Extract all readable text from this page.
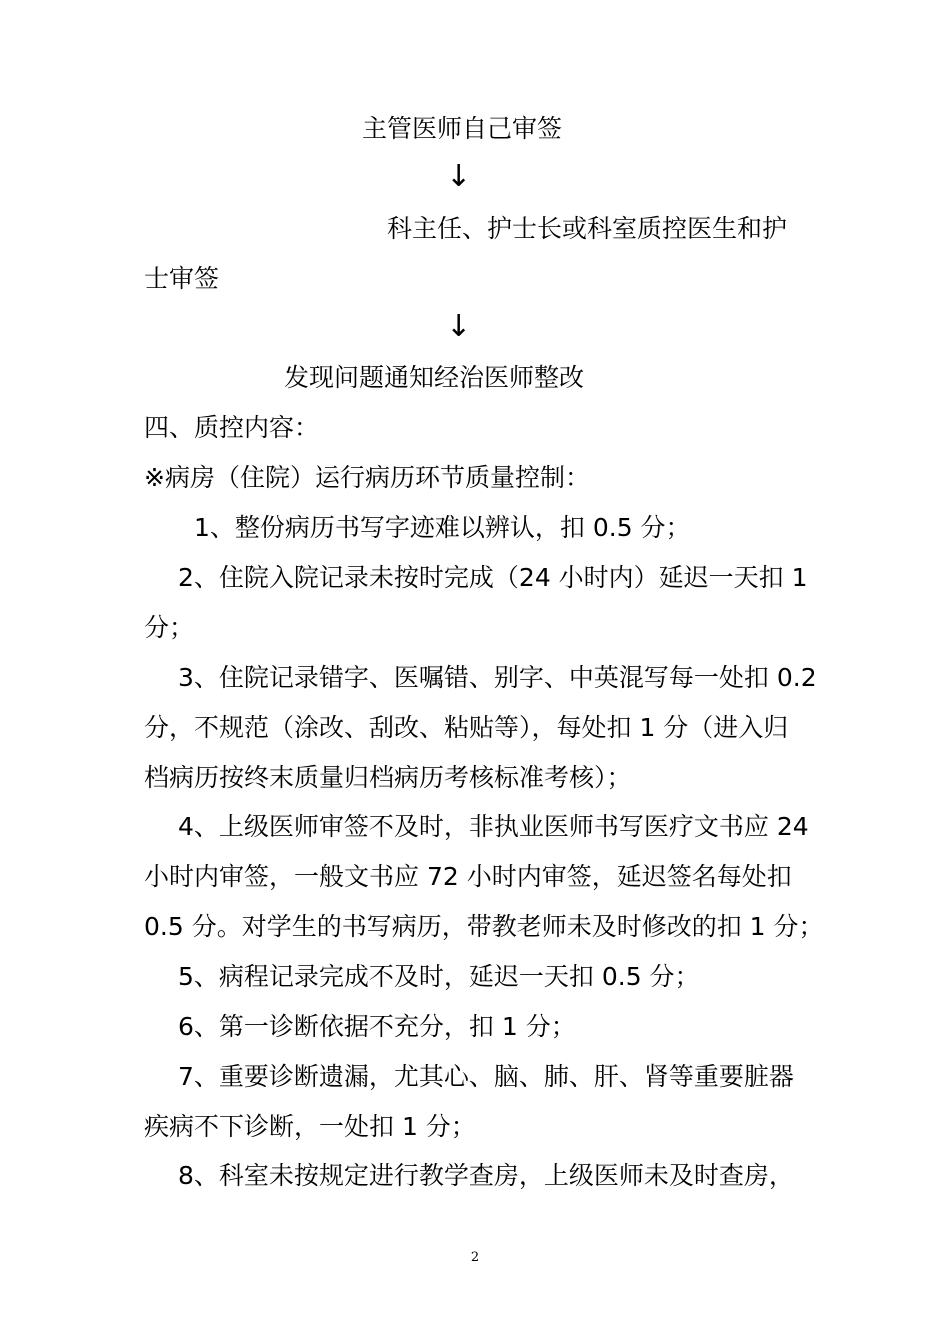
主管医师自己审签
↓
科主任、护士长或科室质控医生和护
士审签
↓
发现问题通知经治医师整改
四、质控内容：
※病房（住院）运行病历环节质量控制：
1、整份病历书写字迹难以辨认，扣 0.5 分；
2、住院入院记录未按时完成（24 小时内）延迟一天扣 1
分；
3、住院记录错字、医嘱错、别字、中英混写每一处扣 0.2
分，不规范（涂改、刮改、粘贴等），每处扣 1 分（进入归
档病历按终末质量归档病历考核标准考核）；
4、上级医师审签不及时，非执业医师书写医疗文书应 24
小时内审签，一般文书应 72 小时内审签，延迟签名每处扣
0.5 分。对学生的书写病历，带教老师未及时修改的扣 1 分；
5、病程记录完成不及时，延迟一天扣 0.5 分；
6、第一诊断依据不充分，扣 1 分；
7、重要诊断遗漏，尤其心、脑、肺、肝、肾等重要脏器
疾病不下诊断，一处扣 1 分；
8、科室未按规定进行教学查房，上级医师未及时查房，
2
